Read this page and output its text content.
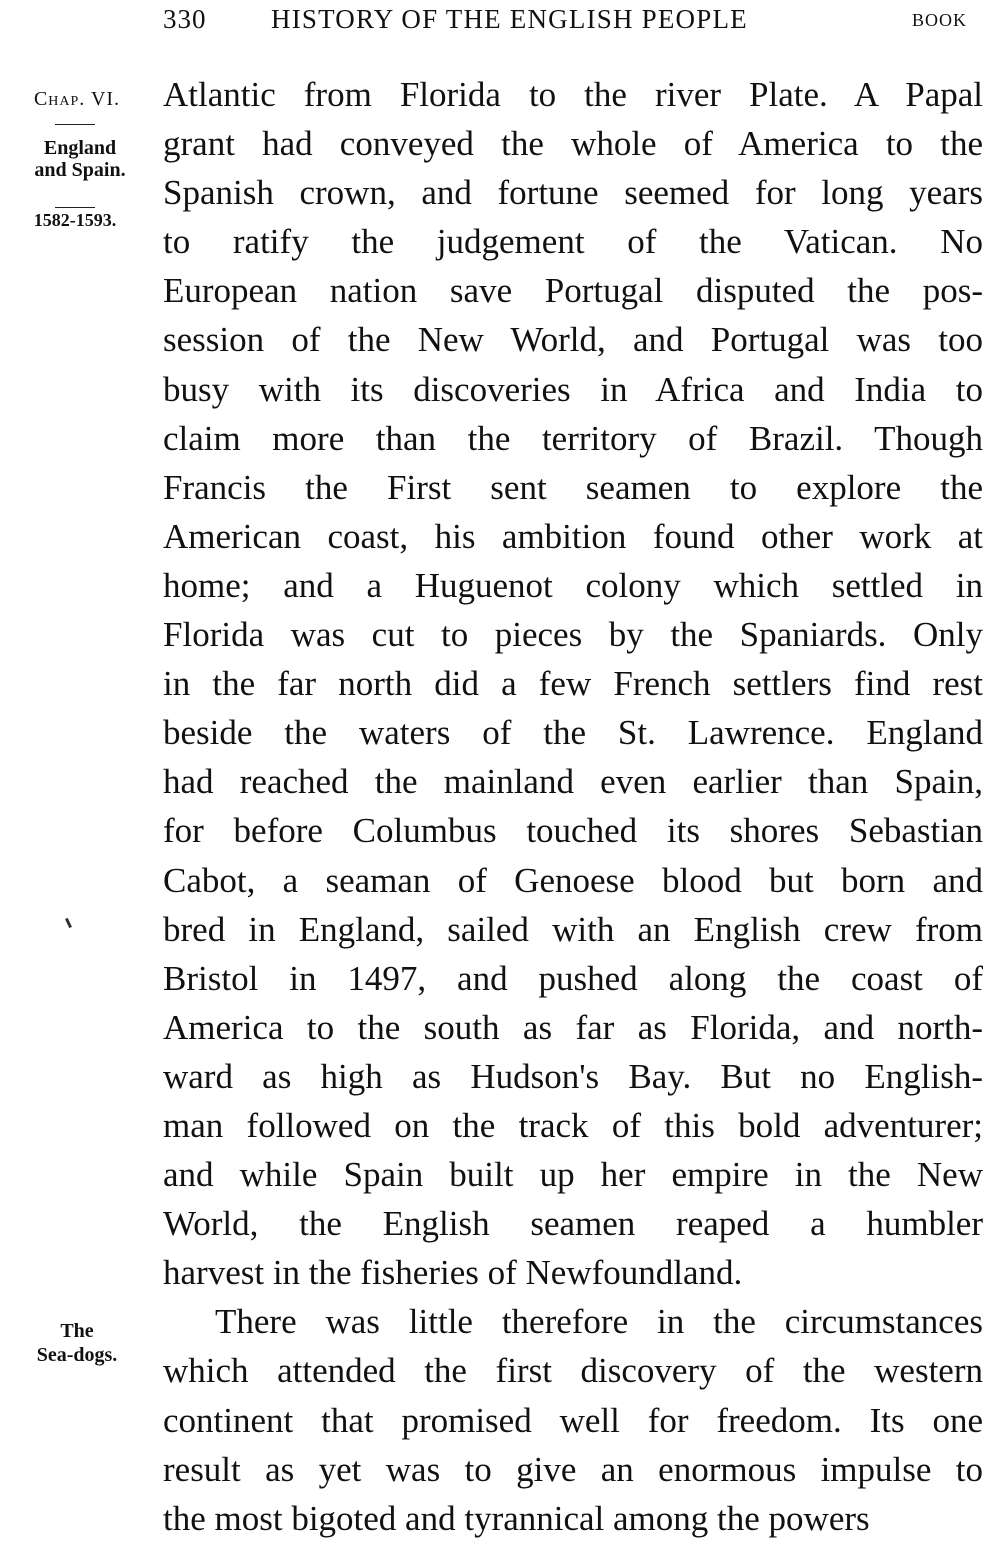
330 HISTORY OF THE ENGLISH PEOPLE	BOOK
Chap. VI.
England
and Spain.
1582-1593.
The
Sea-dogs.
Atlantic from Florida to the river Plate. A Papal
grant had conveyed the whole of America to the
Spanish crown, and fortune seemed for long years
to ratify the judgement of the Vatican. No
European nation save Portugal disputed the pos-
session of the New World, and Portugal was too
busy with its discoveries in Africa and India to
claim more than the territory of Brazil. Though
Francis the First sent seamen to explore the
American coast, his ambition found other work at
home; and a Huguenot colony which settled in
Florida was cut to pieces by the Spaniards. Only
in the far north did a few French settlers find rest
beside the waters of the St. Lawrence. England
had reached the mainland even earlier than Spain,
for before Columbus touched its shores Sebastian
Cabot, a seaman of Genoese blood but born and
bred in England, sailed with an English crew from
Bristol in 1497, and pushed along the coast of
America to the south as far as Florida, and north-
ward as high as Hudson's Bay. But no English-
man followed on the track of this bold adventurer;
and while Spain built up her empire in the New
World, the English seamen reaped a humbler
harvest in the fisheries of Newfoundland.
There was little therefore in the circumstances
which attended the first discovery of the western
continent that promised well for freedom. Its one
result as yet was to give an enormous impulse to
the most bigoted and tyrannical among the powers
